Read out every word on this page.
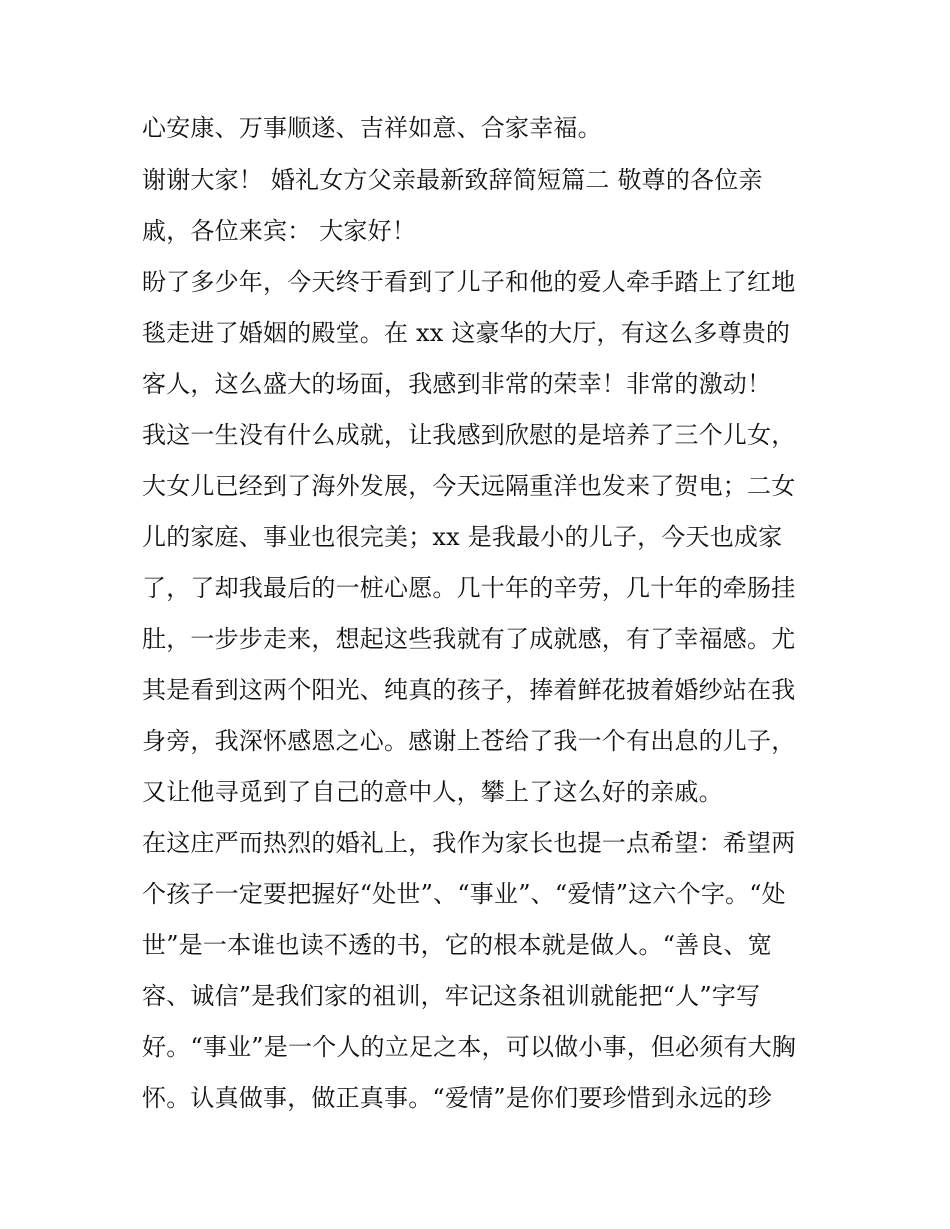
心安康、万事顺遂、吉祥如意、合家幸福。
谢谢大家！ 婚礼女方父亲最新致辞简短篇二 敬尊的各位亲
戚，各位来宾： 大家好！
盼了多少年，今天终于看到了儿子和他的爱人牵手踏上了红地
毯走进了婚姻的殿堂。在 xx 这豪华的大厅，有这么多尊贵的
客人，这么盛大的场面，我感到非常的荣幸！非常的激动！
我这一生没有什么成就，让我感到欣慰的是培养了三个儿女，
大女儿已经到了海外发展，今天远隔重洋也发来了贺电；二女
儿的家庭、事业也很完美；xx 是我最小的儿子，今天也成家
了，了却我最后的一桩心愿。几十年的辛劳，几十年的牵肠挂
肚，一步步走来，想起这些我就有了成就感，有了幸福感。尤
其是看到这两个阳光、纯真的孩子，捧着鲜花披着婚纱站在我
身旁，我深怀感恩之心。感谢上苍给了我一个有出息的儿子，
又让他寻觅到了自己的意中人，攀上了这么好的亲戚。
在这庄严而热烈的婚礼上，我作为家长也提一点希望：希望两
个孩子一定要把握好“处世”、“事业”、“爱情”这六个字。“处
世”是一本谁也读不透的书，它的根本就是做人。“善良、宽
容、诚信”是我们家的祖训，牢记这条祖训就能把“人”字写
好。“事业”是一个人的立足之本，可以做小事，但必须有大胸
怀。认真做事，做正真事。“爱情”是你们要珍惜到永远的珍
